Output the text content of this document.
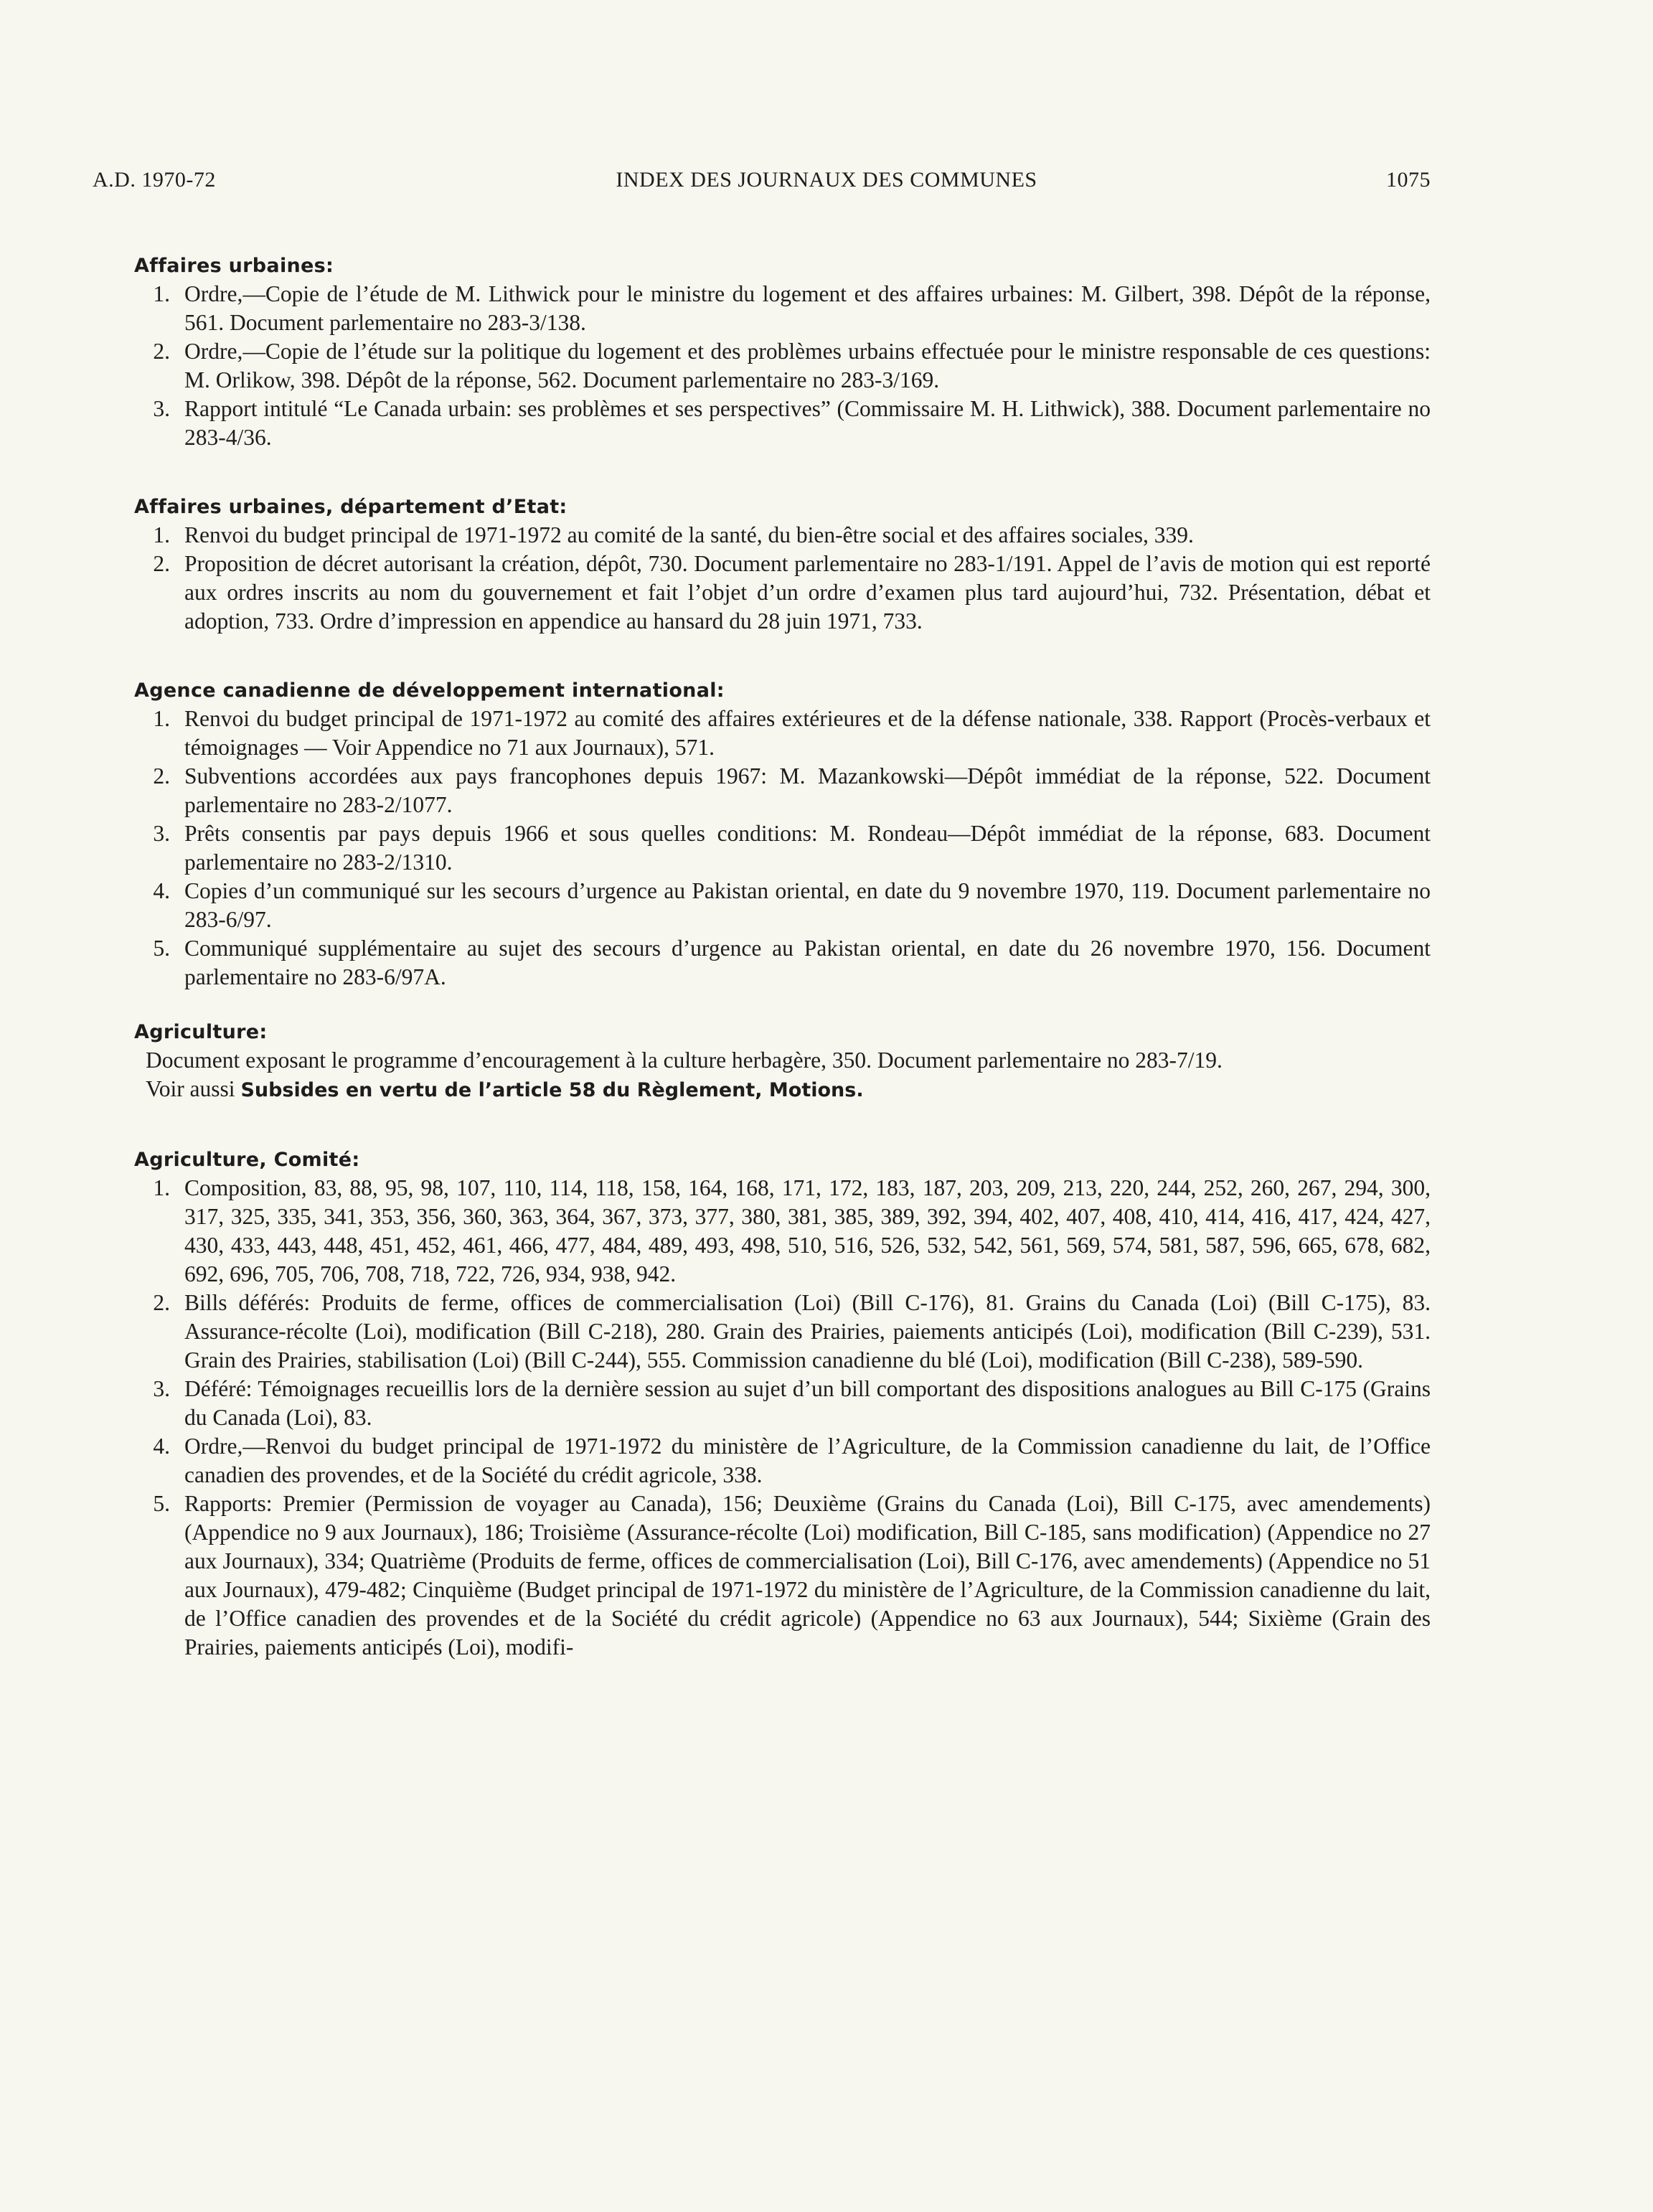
INDEX DES JOURNAUX DES COMMUNES
A.D. 1970-72	1075
Affaires urbaines:
1. Ordre,—Copie de l’étude de M. Lithwick pour le ministre du logement et des affaires urbaines: M. Gilbert, 398. Dépôt de la réponse, 561. Document parlementaire no 283-3/138.
2. Ordre,—Copie de l’étude sur la politique du logement et des problèmes urbains effectuée pour le ministre responsable de ces questions: M. Orlikow, 398. Dépôt de la réponse, 562. Document parlementaire no 283-3/169.
3. Rapport intitulé “Le Canada urbain: ses problèmes et ses perspectives” (Commissaire M. H. Lithwick), 388. Document parlementaire no 283-4/36.
Affaires urbaines, département d’Etat:
1. Renvoi du budget principal de 1971-1972 au comité de la santé, du bien-être social et des affaires sociales, 339.
2. Proposition de décret autorisant la création, dépôt, 730. Document parlementaire no 283-1/191. Appel de l’avis de motion qui est reporté aux ordres inscrits au nom du gouvernement et fait l’objet d’un ordre d’examen plus tard aujourd’hui, 732. Présentation, débat et adoption, 733. Ordre d’impression en appendice au hansard du 28 juin 1971, 733.
Agence canadienne de développement international:
1. Renvoi du budget principal de 1971-1972 au comité des affaires extérieures et de la défense nationale, 338. Rapport (Procès-verbaux et témoignages — Voir Appendice no 71 aux Journaux), 571.
2. Subventions accordées aux pays francophones depuis 1967: M. Mazankowski—Dépôt immédiat de la réponse, 522. Document parlementaire no 283-2/1077.
3. Prêts consentis par pays depuis 1966 et sous quelles conditions: M. Rondeau—Dépôt immédiat de la réponse, 683. Document parlementaire no 283-2/1310.
4. Copies d’un communiqué sur les secours d’urgence au Pakistan oriental, en date du 9 novembre 1970, 119. Document parlementaire no 283-6/97.
5. Communiqué supplémentaire au sujet des secours d’urgence au Pakistan oriental, en date du 26 novembre 1970, 156. Document parlementaire no 283-6/97A.
Agriculture:
Document exposant le programme d’encouragement à la culture herbagère, 350. Document parlementaire no 283-7/19.
Voir aussi Subsides en vertu de l’article 58 du Règlement, Motions.
Agriculture, Comité:
1. Composition, 83, 88, 95, 98, 107, 110, 114, 118, 158, 164, 168, 171, 172, 183, 187, 203, 209, 213, 220, 244, 252, 260, 267, 294, 300, 317, 325, 335, 341, 353, 356, 360, 363, 364, 367, 373, 377, 380, 381, 385, 389, 392, 394, 402, 407, 408, 410, 414, 416, 417, 424, 427, 430, 433, 443, 448, 451, 452, 461, 466, 477, 484, 489, 493, 498, 510, 516, 526, 532, 542, 561, 569, 574, 581, 587, 596, 665, 678, 682, 692, 696, 705, 706, 708, 718, 722, 726, 934, 938, 942.
2. Bills déférés: Produits de ferme, offices de commercialisation (Loi) (Bill C-176), 81. Grains du Canada (Loi) (Bill C-175), 83. Assurance-récolte (Loi), modification (Bill C-218), 280. Grain des Prairies, paiements anticipés (Loi), modification (Bill C-239), 531. Grain des Prairies, stabilisation (Loi) (Bill C-244), 555. Commission canadienne du blé (Loi), modification (Bill C-238), 589-590.
3. Déféré: Témoignages recueillis lors de la dernière session au sujet d’un bill comportant des dispositions analogues au Bill C-175 (Grains du Canada (Loi), 83.
4. Ordre,—Renvoi du budget principal de 1971-1972 du ministère de l’Agriculture, de la Commission canadienne du lait, de l’Office canadien des provendes, et de la Société du crédit agricole, 338.
5. Rapports: Premier (Permission de voyager au Canada), 156; Deuxième (Grains du Canada (Loi), Bill C-175, avec amendements) (Appendice no 9 aux Journaux), 186; Troisième (Assurance-récolte (Loi) modification, Bill C-185, sans modification) (Appendice no 27 aux Journaux), 334; Quatrième (Produits de ferme, offices de commercialisation (Loi), Bill C-176, avec amendements) (Appendice no 51 aux Journaux), 479-482; Cinquième (Budget principal de 1971-1972 du ministère de l’Agriculture, de la Commission canadienne du lait, de l’Office canadien des provendes et de la Société du crédit agricole) (Appendice no 63 aux Journaux), 544; Sixième (Grain des Prairies, paiements anticipés (Loi), modifi-
